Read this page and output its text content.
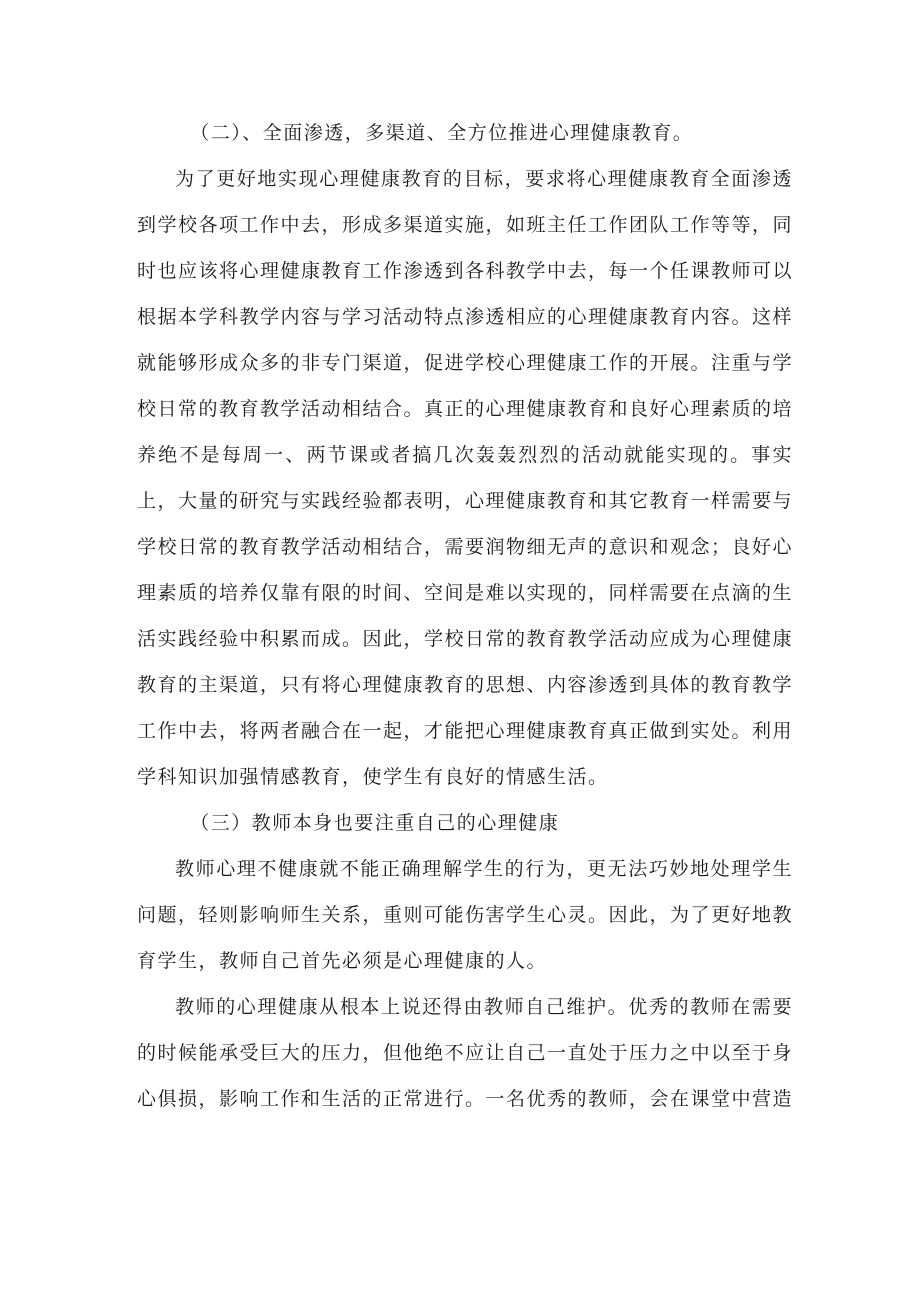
（二）、全面渗透，多渠道、全方位推进心理健康教育。

为了更好地实现心理健康教育的目标，要求将心理健康教育全面渗透到学校各项工作中去，形成多渠道实施，如班主任工作团队工作等等，同时也应该将心理健康教育工作渗透到各科教学中去，每一个任课教师可以根据本学科教学内容与学习活动特点渗透相应的心理健康教育内容。这样就能够形成众多的非专门渠道，促进学校心理健康工作的开展。注重与学校日常的教育教学活动相结合。真正的心理健康教育和良好心理素质的培养绝不是每周一、两节课或者搞几次轰轰烈烈的活动就能实现的。事实上，大量的研究与实践经验都表明，心理健康教育和其它教育一样需要与学校日常的教育教学活动相结合，需要润物细无声的意识和观念；良好心理素质的培养仅靠有限的时间、空间是难以实现的，同样需要在点滴的生活实践经验中积累而成。因此，学校日常的教育教学活动应成为心理健康教育的主渠道，只有将心理健康教育的思想、内容渗透到具体的教育教学工作中去，将两者融合在一起，才能把心理健康教育真正做到实处。利用学科知识加强情感教育，使学生有良好的情感生活。

（三）教师本身也要注重自己的心理健康

教师心理不健康就不能正确理解学生的行为，更无法巧妙地处理学生问题，轻则影响师生关系，重则可能伤害学生心灵。因此，为了更好地教育学生，教师自己首先必须是心理健康的人。

教师的心理健康从根本上说还得由教师自己维护。优秀的教师在需要的时候能承受巨大的压力，但他绝不应让自己一直处于压力之中以至于身心俱损，影响工作和生活的正常进行。一名优秀的教师，会在课堂中营造
